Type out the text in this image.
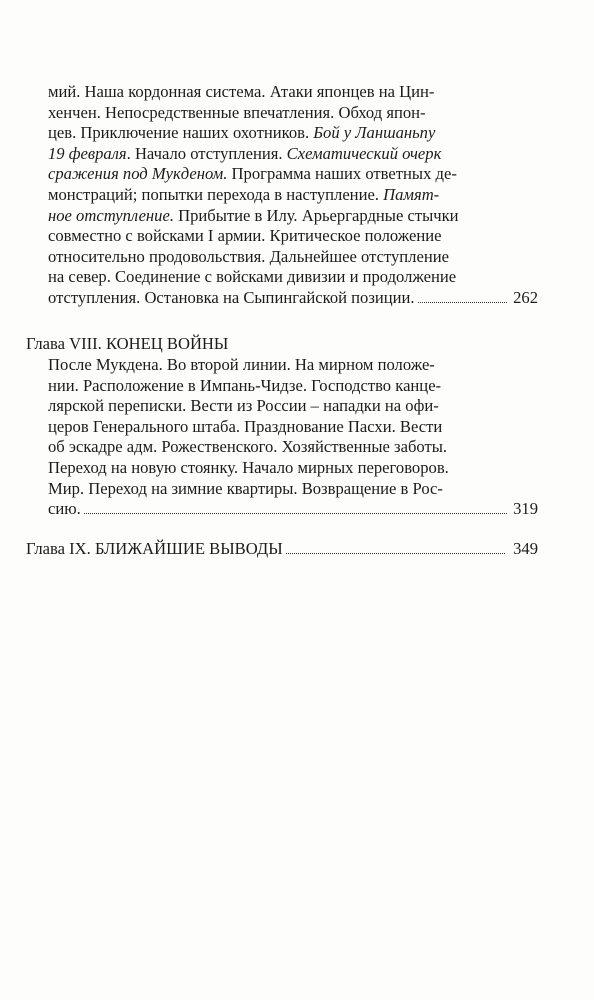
мий. Наша кордонная система. Атаки японцев на Цин-

хенчен. Непосредственные впечатления. Обход япон-

цев. Приключение наших охотников. Бой у Ланшаньпу

19 февраля. Начало отступления. Схематический очерк

сражения под Мукденом. Программа наших ответных де-

монстраций; попытки перехода в наступление. Памят-

ное отступление. Прибытие в Илу. Арьергардные стычки

совместно с войсками I армии. Критическое положение

относительно продовольствия. Дальнейшее отступление

на север. Соединение с войсками дивизии и продолжение

отступления. Остановка на Сыпингайской позиции.	262

Глава VIII. КОНЕЦ ВОЙНЫ

После Мукдена. Во второй линии. На мирном положе-

нии. Расположение в Импань-Чидзе. Господство канце-

лярской переписки. Вести из России – нападки на офи-

церов Генерального штаба. Празднование Пасхи. Вести

об эскадре адм. Рожественского. Хозяйственные заботы.

Переход на новую стоянку. Начало мирных переговоров.

Мир. Переход на зимние квартиры. Возвращение в Рос-

сию.	319

Глава IX. БЛИЖАЙШИЕ ВЫВОДЫ	349
